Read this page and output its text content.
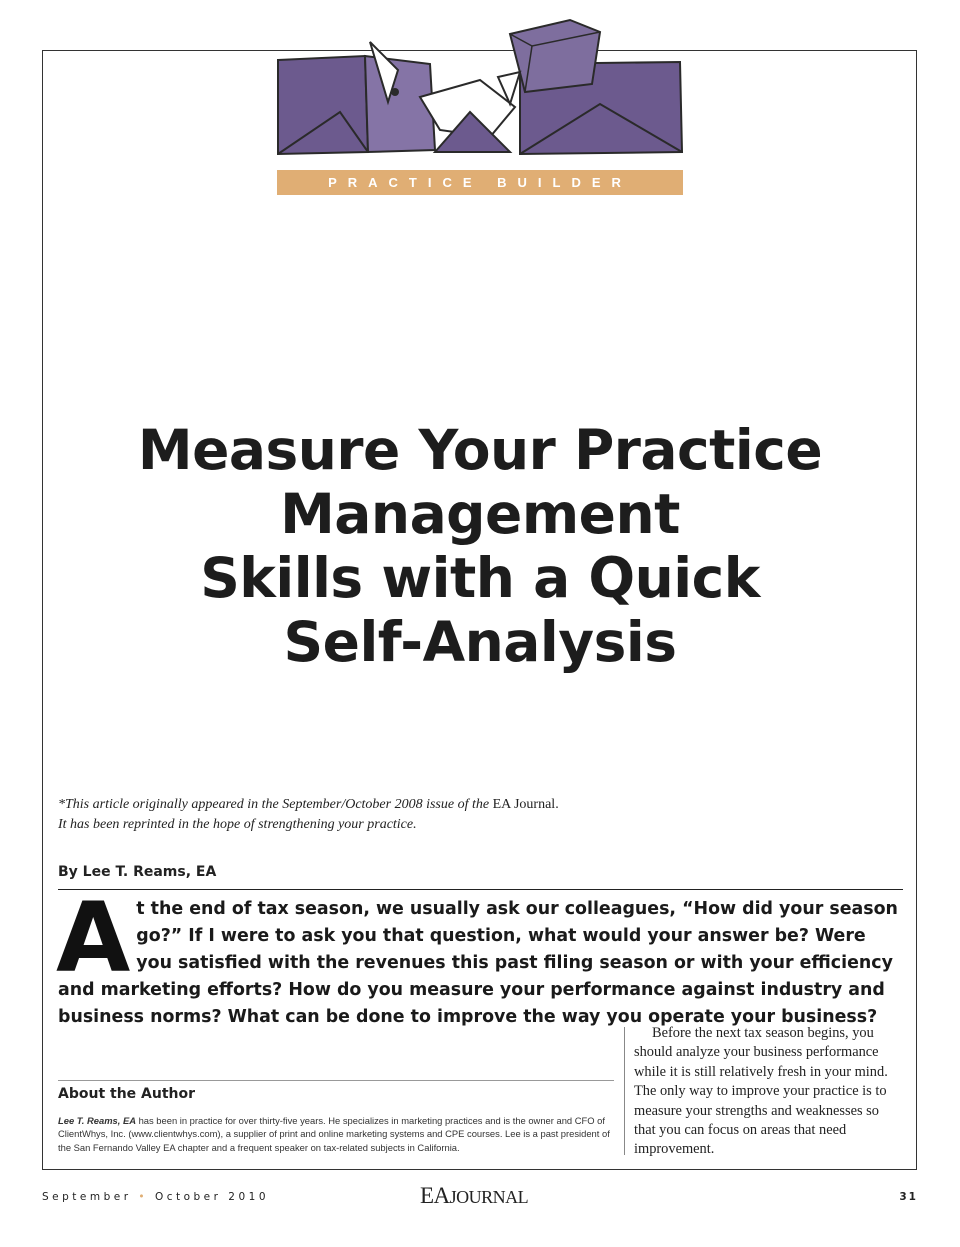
PRACTICE BUILDER
Measure Your Practice
Management
Skills with a Quick
Self-Analysis
*This article originally appeared in the September/October 2008 issue of the EA Journal.
It has been reprinted in the hope of strengthening your practice.
By Lee T. Reams, EA
At the end of tax season, we usually ask our colleagues, “How did your season go?” If I were to ask you that question, what would your answer be? Were you satisfied with the revenues this past filing season or with your efficiency and marketing efforts? How do you measure your performance against industry and business norms? What can be done to improve the way you operate your business?
About the Author
Lee T. Reams, EA has been in practice for over thirty-five years. He specializes in marketing practices and is the owner and CFO of ClientWhys, Inc. (www.clientwhys.com), a supplier of print and online marketing systems and CPE courses. Lee is a past president of the San Fernando Valley EA chapter and a frequent speaker on tax-related subjects in California.

Before the next tax season begins, you should analyze your business performance while it is still relatively fresh in your mind. The only way to improve your practice is to measure your strengths and weaknesses so that you can focus on areas that need improvement.

September • October 2010	EAJOURNAL	31
